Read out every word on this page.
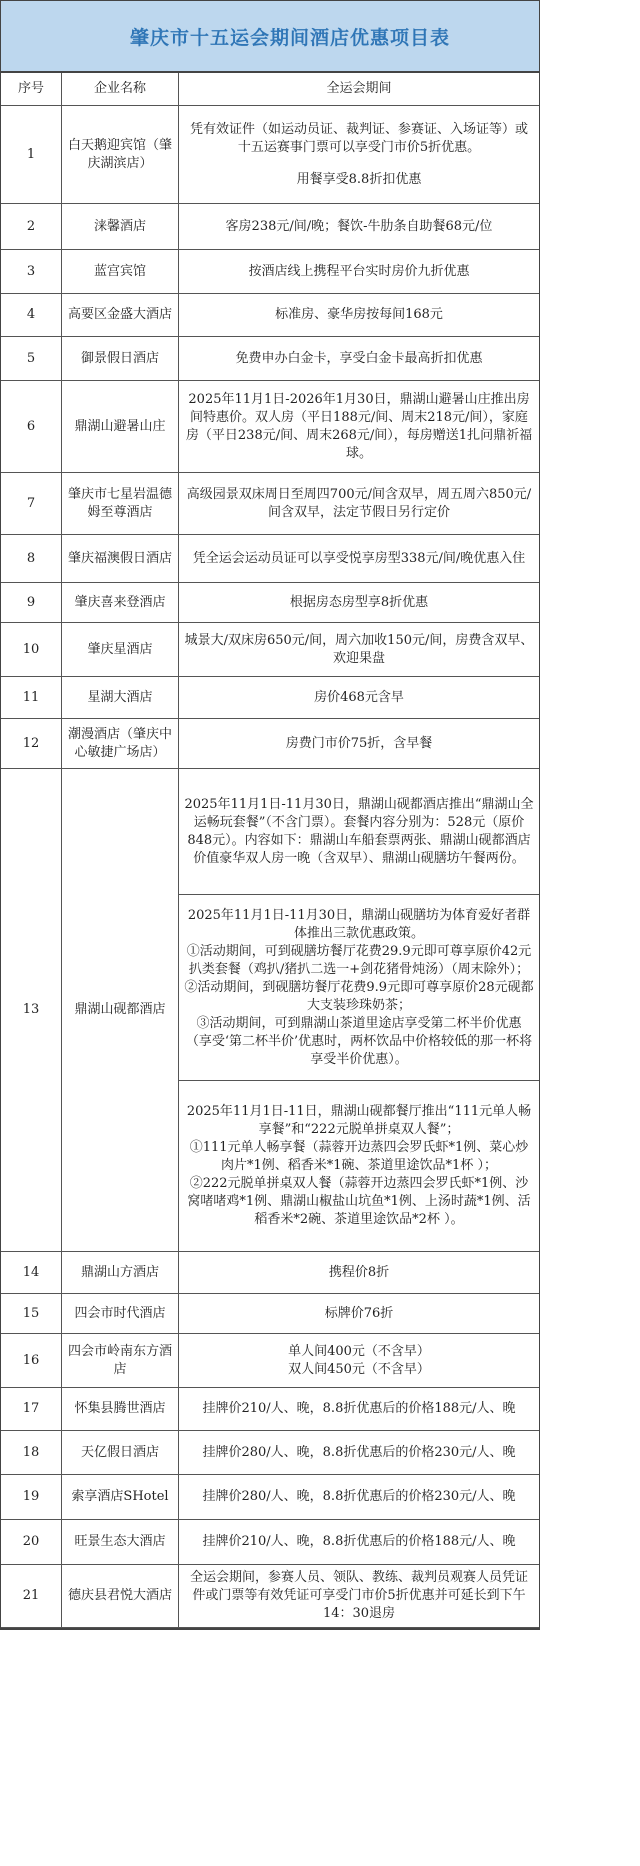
肇庆市十五运会期间酒店优惠项目表
序号	企业名称	全运会期间
1	白天鹅迎宾馆（肇庆湖滨店）	凭有效证件（如运动员证、裁判证、参赛证、入场证等）或十五运赛事门票可以享受门市价5折优惠。
用餐享受8.8折扣优惠

2	涞馨酒店	客房238元/间/晚；餐饮-牛肋条自助餐68元/位

3	蓝宫宾馆	按酒店线上携程平台实时房价九折优惠

4	高要区金盛大酒店	标准房、豪华房按每间168元

5	御景假日酒店	免费申办白金卡，享受白金卡最高折扣优惠

6	鼎湖山避暑山庄	2025年11月1日-2026年1月30日，鼎湖山避暑山庄推出房间特惠价。双人房（平日188元/间、周末218元/间），家庭房（平日238元/间、周末268元/间），每房赠送1扎问鼎祈福球。

7	肇庆市七星岩温德姆至尊酒店	高级园景双床周日至周四700元/间含双早，周五周六850元/间含双早，法定节假日另行定价

8	肇庆福澳假日酒店	凭全运会运动员证可以享受悦享房型338元/间/晚优惠入住

9	肇庆喜来登酒店	根据房态房型享8折优惠

10	肇庆星酒店	城景大/双床房650元/间，周六加收150元/间，房费含双早、欢迎果盘

11	星湖大酒店	房价468元含早

12	潮漫酒店（肇庆中心敏捷广场店）	房费门市价75折，含早餐

13	鼎湖山砚都酒店	2025年11月1日-11月30日，鼎湖山砚都酒店推出“鼎湖山全运畅玩套餐”（不含门票）。套餐内容分别为：528元（原价848元）。内容如下：鼎湖山车船套票两张、鼎湖山砚都酒店价值豪华双人房一晚（含双早）、鼎湖山砚膳坊午餐两份。

		2025年11月1日-11月30日，鼎湖山砚膳坊为体育爱好者群体推出三款优惠政策。
①活动期间，可到砚膳坊餐厅花费29.9元即可尊享原价42元扒类套餐（鸡扒/猪扒二选一+剑花猪骨炖汤）（周末除外）；
②活动期间，到砚膳坊餐厅花费9.9元即可尊享原价28元砚都大支装珍珠奶茶；
③活动期间，可到鼎湖山茶道里途店享受第二杯半价优惠（享受‘第二杯半价’优惠时，两杯饮品中价格较低的那一杯将享受半价优惠）。

		2025年11月1日-11日，鼎湖山砚都餐厅推出“111元单人畅享餐”和“222元脱单拼桌双人餐”；
①111元单人畅享餐（蒜蓉开边蒸四会罗氏虾*1例、菜心炒肉片*1例、稻香米*1碗、茶道里途饮品*1杯 ）；
②222元脱单拼桌双人餐（蒜蓉开边蒸四会罗氏虾*1例、沙窝啫啫鸡*1例、鼎湖山椒盐山坑鱼*1例、上汤时蔬*1例、活稻香米*2碗、茶道里途饮品*2杯 ）。

14	鼎湖山方酒店	携程价8折

15	四会市时代酒店	标牌价76折

16	四会市岭南东方酒店	单人间400元（不含早）
双人间450元（不含早）

17	怀集县腾世酒店	挂牌价210/人、晚，8.8折优惠后的价格188元/人、晚

18	天亿假日酒店	挂牌价280/人、晚，8.8折优惠后的价格230元/人、晚

19	索享酒店SHotel	挂牌价280/人、晚，8.8折优惠后的价格230元/人、晚

20	旺景生态大酒店	挂牌价210/人、晚，8.8折优惠后的价格188元/人、晚

21	德庆县君悦大酒店	全运会期间，参赛人员、领队、教练、裁判员观赛人员凭证件或门票等有效凭证可享受门市价5折优惠并可延长到下午14：30退房
